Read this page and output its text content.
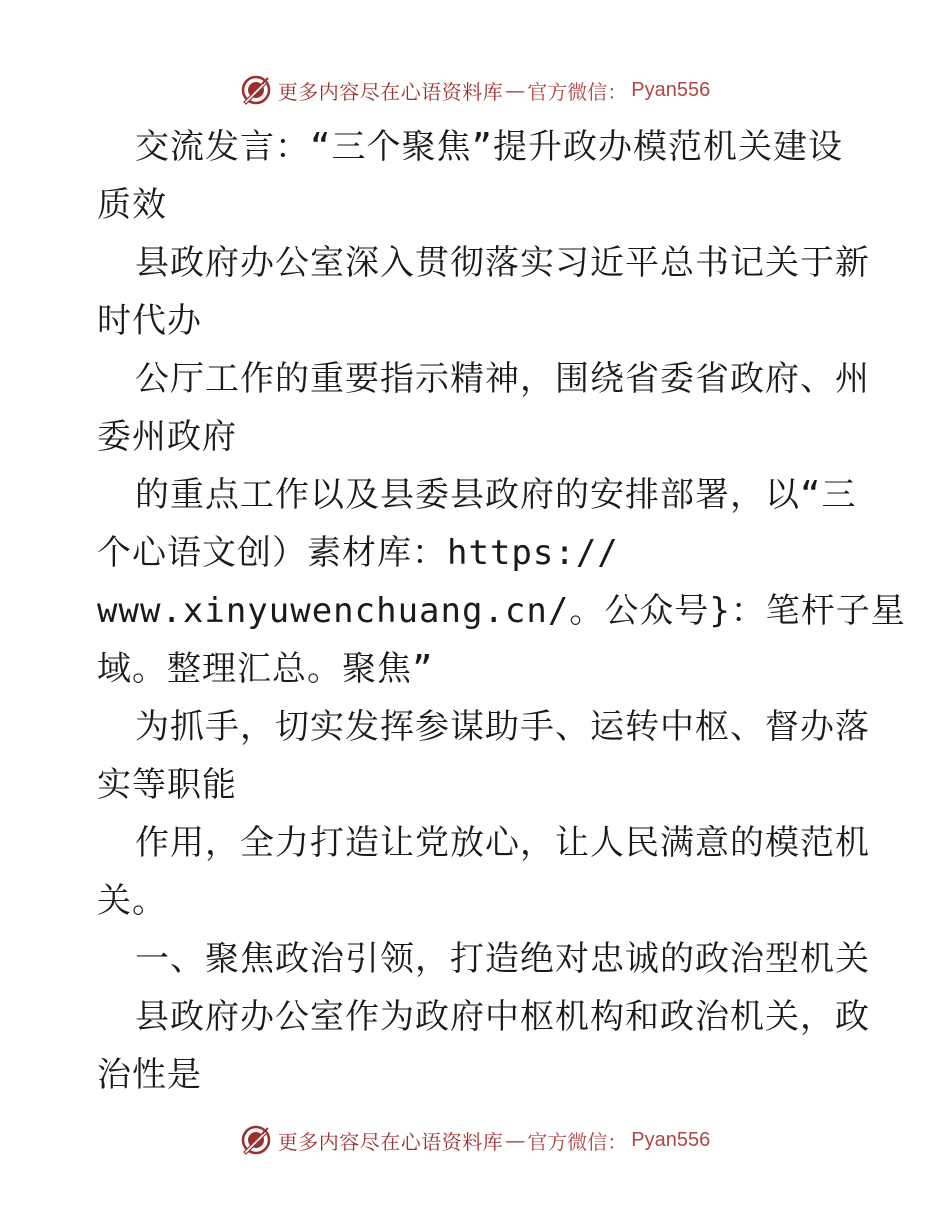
更多内容尽在心语资料库 — 官方微信： Pyan556
交流发言：“三个聚焦”提升政办模范机关建设
质效
县政府办公室深入贯彻落实习近平总书记关于新
时代办
公厅工作的重要指示精神，围绕省委省政府、州
委州政府
的重点工作以及县委县政府的安排部署，以“三
个心语文创）素材库：https://
www.xinyuwenchuang.cn/。公众号}：笔杆子星
域。整理汇总。聚焦”
为抓手，切实发挥参谋助手、运转中枢、督办落
实等职能
作用，全力打造让党放心，让人民满意的模范机
关。
一、聚焦政治引领，打造绝对忠诚的政治型机关
县政府办公室作为政府中枢机构和政治机关，政
治性是
更多内容尽在心语资料库 — 官方微信： Pyan556
